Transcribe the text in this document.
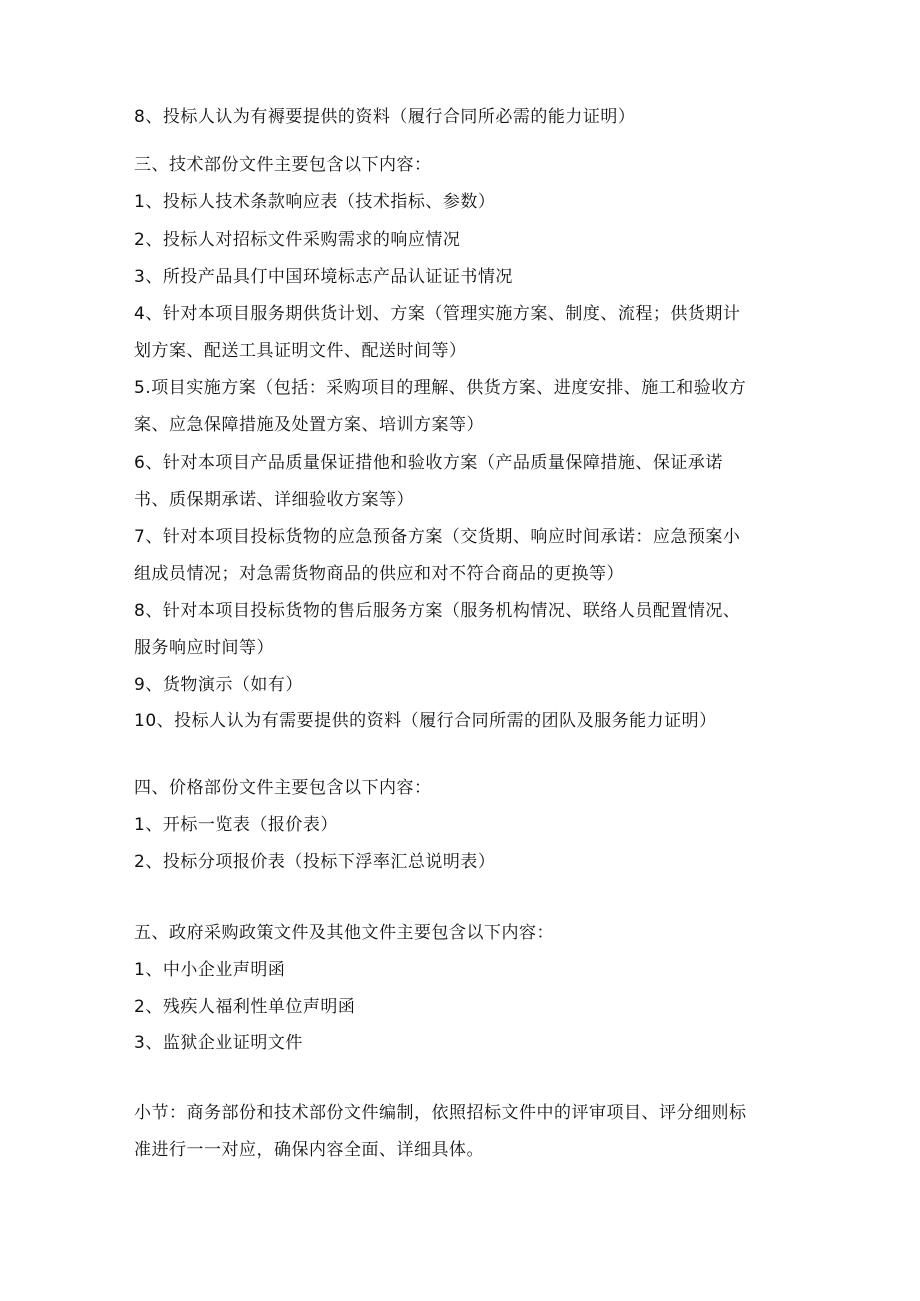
8、投标人认为有褥要提供的资料（履行合同所必需的能力证明）
三、技术部份文件主要包含以下内容：
1、投标人技术条款响应表（技术指标、参数）
2、投标人对招标文件采购需求的响应情况
3、所投产品具仃中国环境标志产品认证证书情况
4、针对本项目服务期供货计划、方案（管理实施方案、制度、流程；供货期计
划方案、配送工具证明文件、配送时间等）
5.项目实施方案（包括：采购项目的理解、供货方案、进度安排、施工和验收方
案、应急保障措施及处置方案、培训方案等）
6、针对本项目产品质量保证措他和验收方案（产品质量保障措施、保证承诺
书、质保期承诺、详细验收方案等）
7、针对本项目投标货物的应急预备方案（交货期、响应时间承诺：应急预案小
组成员情况；对急需货物商品的供应和对不符合商品的更换等）
8、针对本项目投标货物的售后服务方案（服务机构情况、联络人员配置情况、
服务响应时间等）
9、货物演示（如有）
10、投标人认为有需要提供的资料（履行合同所需的团队及服务能力证明）
四、价格部份文件主要包含以下内容：
1、开标一览表（报价表）
2、投标分项报价表（投标下浮率汇总说明表）
五、政府采购政策文件及其他文件主要包含以下内容：
1、中小企业声明函
2、残疾人福利性单位声明函
3、监狱企业证明文件
小节：商务部份和技术部份文件编制，依照招标文件中的评审项目、评分细则标
准进行一一对应，确保内容全面、详细具体。
